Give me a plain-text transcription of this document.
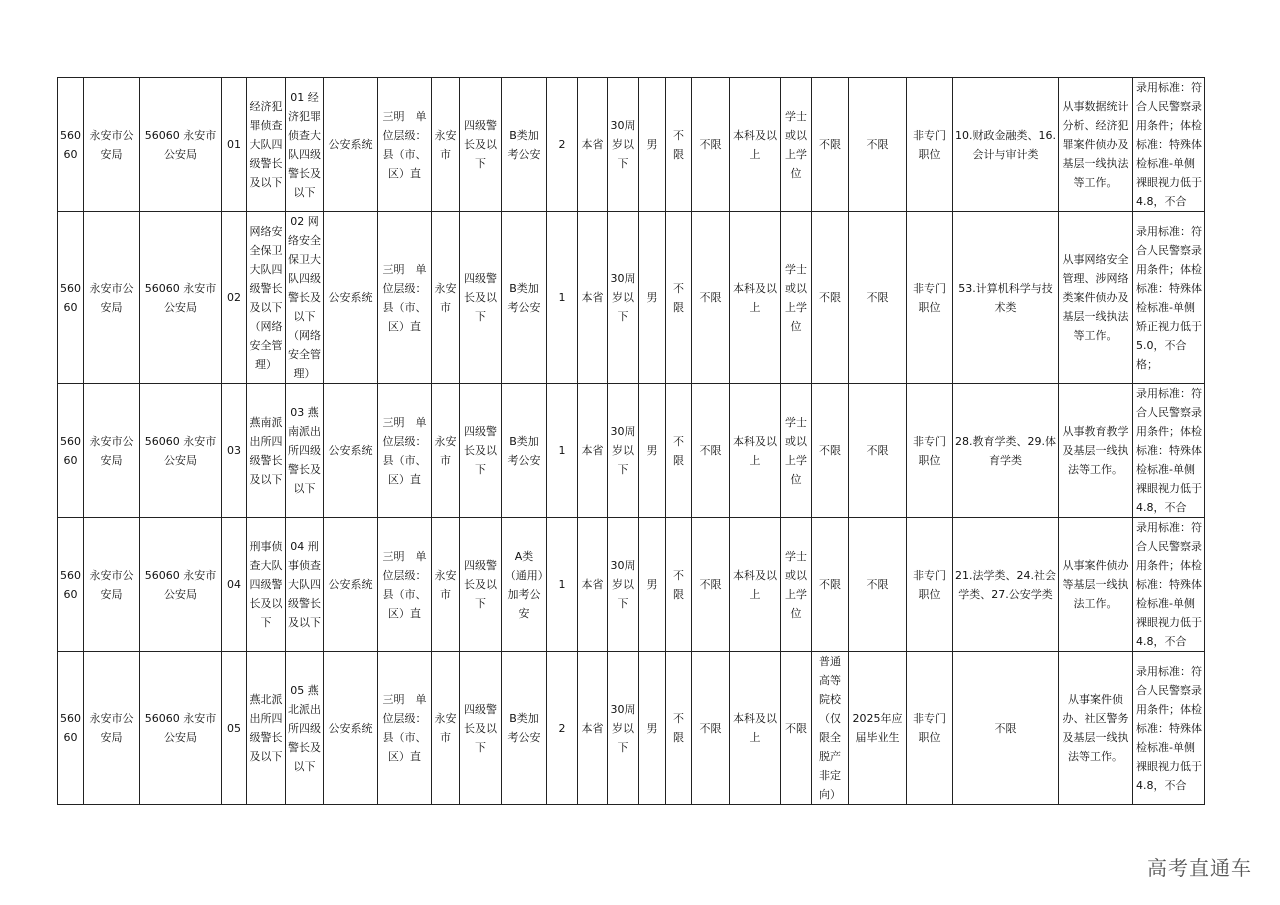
56060	永安市公安局	56060 永安市公安局	01	经济犯罪侦查大队四级警长及以下	01 经济犯罪侦查大队四级警长及以下	公安系统	三明　单位层级：县（市、区）直	永安市	四级警长及以下	B类加考公安	2	本省	30周岁以下	男	不限	不限	本科及以上	学士或以上学位	不限	不限	非专门职位	10.财政金融类、16.会计与审计类	从事数据统计分析、经济犯罪案件侦办及基层一线执法等工作。	录用标准：符合人民警察录用条件；体检标准：特殊体检标准-单侧裸眼视力低于4.8，不合
56060	永安市公安局	56060 永安市公安局	02	网络安全保卫大队四级警长及以下（网络安全管理）	02 网络安全保卫大队四级警长及以下（网络安全管理）	公安系统	三明　单位层级：县（市、区）直	永安市	四级警长及以下	B类加考公安	1	本省	30周岁以下	男	不限	不限	本科及以上	学士或以上学位	不限	不限	非专门职位	53.计算机科学与技术类	从事网络安全管理、涉网络类案件侦办及基层一线执法等工作。	录用标准：符合人民警察录用条件；体检标准：特殊体检标准-单侧矫正视力低于5.0，不合格；
56060	永安市公安局	56060 永安市公安局	03	燕南派出所四级警长及以下	03 燕南派出所四级警长及以下	公安系统	三明　单位层级：县（市、区）直	永安市	四级警长及以下	B类加考公安	1	本省	30周岁以下	男	不限	不限	本科及以上	学士或以上学位	不限	不限	非专门职位	28.教育学类、29.体育学类	从事教育教学及基层一线执法等工作。	录用标准：符合人民警察录用条件；体检标准：特殊体检标准-单侧裸眼视力低于4.8，不合
56060	永安市公安局	56060 永安市公安局	04	刑事侦查大队四级警长及以下	04 刑事侦查大队四级警长及以下	公安系统	三明　单位层级：县（市、区）直	永安市	四级警长及以下	A类（通用）加考公安	1	本省	30周岁以下	男	不限	不限	本科及以上	学士或以上学位	不限	不限	非专门职位	21.法学类、24.社会学类、27.公安学类	从事案件侦办等基层一线执法工作。	录用标准：符合人民警察录用条件；体检标准：特殊体检标准-单侧裸眼视力低于4.8，不合
56060	永安市公安局	56060 永安市公安局	05	燕北派出所四级警长及以下	05 燕北派出所四级警长及以下	公安系统	三明　单位层级：县（市、区）直	永安市	四级警长及以下	B类加考公安	2	本省	30周岁以下	男	不限	不限	本科及以上	不限	普通高等院校（仅限全脱产非定向）	2025年应届毕业生	非专门职位	不限	从事案件侦办、社区警务及基层一线执法等工作。	录用标准：符合人民警察录用条件；体检标准：特殊体检标准-单侧裸眼视力低于4.8，不合
高考直通车
